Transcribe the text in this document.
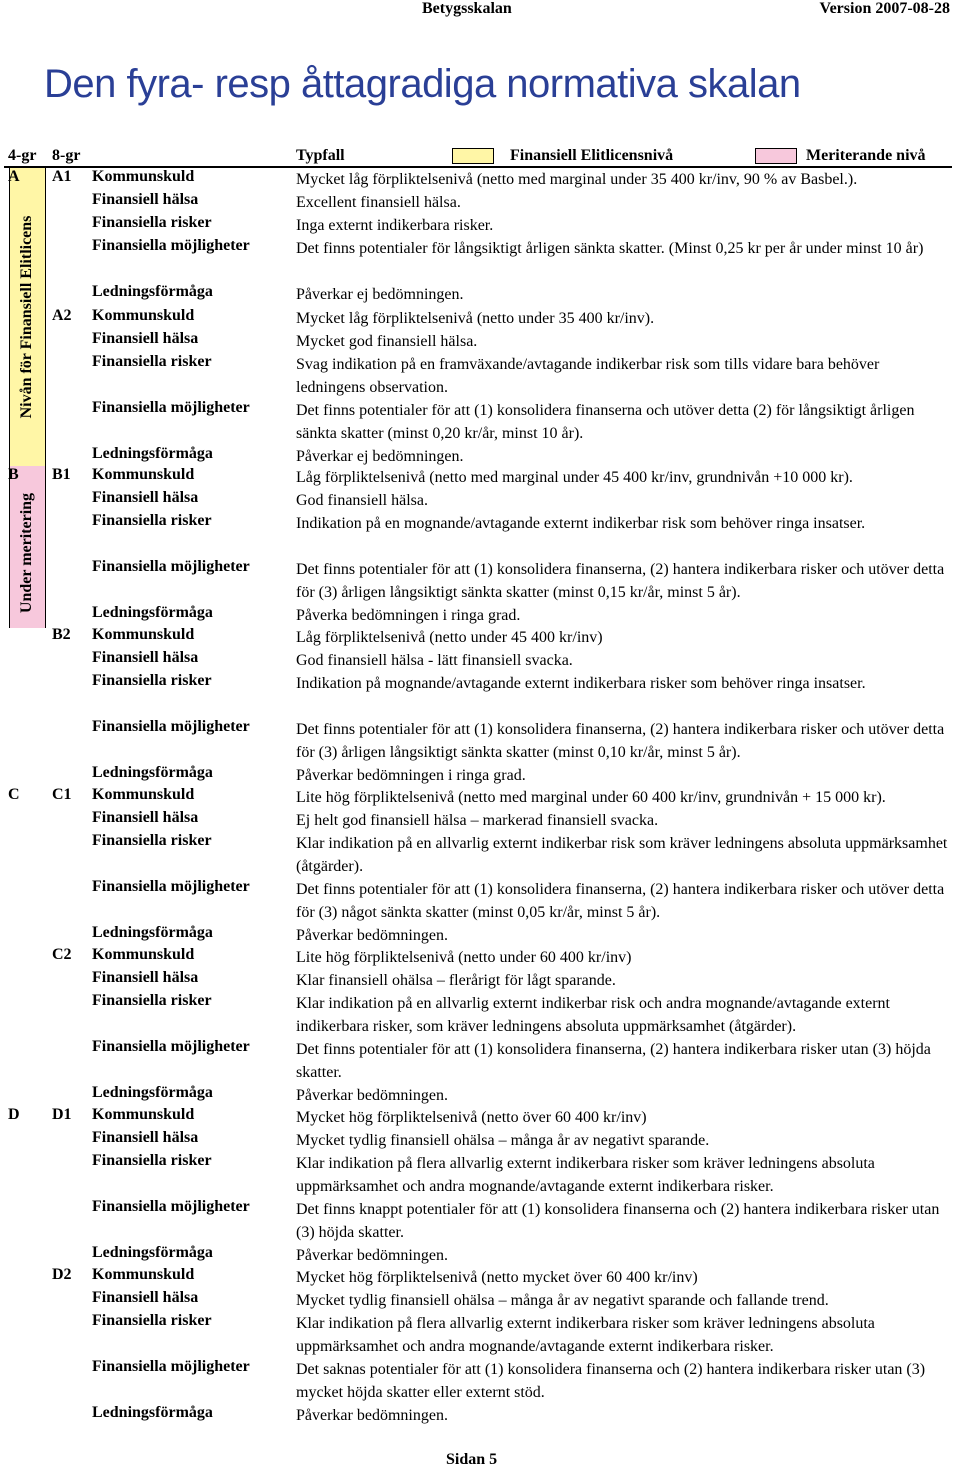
Betygsskalan	Version 2007-08-28
Den fyra- resp åttagradiga normativa skalan
4-gr 8-gr	Typfall	Finansiell Elitlicensnivå	Meriterande nivå
Nivån för Finansiell Elitlicens
Under meritering
A
B
C
D
A1 Kommunskuld	Mycket låg förpliktelsenivå (netto med marginal under 35 400 kr/inv, 90 % av Basbel.).
Finansiell hälsa	Excellent finansiell hälsa.
Finansiella risker	Inga externt indikerbara risker.
Finansiella möjligheter	Det finns potentialer för långsiktigt årligen sänkta skatter. (Minst 0,25 kr per år under minst 10 år)
Ledningsförmåga	Påverkar ej bedömningen.
A2 Kommunskuld	Mycket låg förpliktelsenivå (netto under 35 400 kr/inv).
Finansiell hälsa	Mycket god finansiell hälsa.
Finansiella risker	Svag indikation på en framväxande/avtagande indikerbar risk som tills vidare bara behöver ledningens observation.
Finansiella möjligheter	Det finns potentialer för att (1) konsolidera finanserna och utöver detta (2) för långsiktigt årligen sänkta skatter (minst 0,20 kr/år, minst 10 år).
Ledningsförmåga	Påverkar ej bedömningen.
B1 Kommunskuld	Låg förpliktelsenivå (netto med marginal under 45 400 kr/inv, grundnivån +10 000 kr).
Finansiell hälsa	God finansiell hälsa.
Finansiella risker	Indikation på en mognande/avtagande externt indikerbar risk som behöver ringa insatser.
Finansiella möjligheter	Det finns potentialer för att (1) konsolidera finanserna, (2) hantera indikerbara risker och utöver detta för (3) årligen långsiktigt sänkta skatter (minst 0,15 kr/år, minst 5 år).
Ledningsförmåga	Påverka bedömningen i ringa grad.
B2 Kommunskuld	Låg förpliktelsenivå (netto under 45 400 kr/inv)
Finansiell hälsa	God finansiell hälsa - lätt finansiell svacka.
Finansiella risker	Indikation på mognande/avtagande externt indikerbara risker som behöver ringa insatser.
Finansiella möjligheter	Det finns potentialer för att (1) konsolidera finanserna, (2) hantera indikerbara risker och utöver detta för (3) årligen långsiktigt sänkta skatter (minst 0,10 kr/år, minst 5 år).
Ledningsförmåga	Påverkar bedömningen i ringa grad.
C1 Kommunskuld	Lite hög förpliktelsenivå (netto med marginal under 60 400 kr/inv, grundnivån + 15 000 kr).
Finansiell hälsa	Ej helt god finansiell hälsa – markerad finansiell svacka.
Finansiella risker	Klar indikation på en allvarlig externt indikerbar risk som kräver ledningens absoluta uppmärksamhet (åtgärder).
Finansiella möjligheter	Det finns potentialer för att (1) konsolidera finanserna, (2) hantera indikerbara risker och utöver detta för (3) något sänkta skatter (minst 0,05 kr/år, minst 5 år).
Ledningsförmåga	Påverkar bedömningen.
C2 Kommunskuld	Lite hög förpliktelsenivå (netto under 60 400 kr/inv)
Finansiell hälsa	Klar finansiell ohälsa – flerårigt för lågt sparande.
Finansiella risker	Klar indikation på en allvarlig externt indikerbar risk och andra mognande/avtagande externt indikerbara risker, som kräver ledningens absoluta uppmärksamhet (åtgärder).
Finansiella möjligheter	Det finns potentialer för att (1) konsolidera finanserna, (2) hantera indikerbara risker utan (3) höjda skatter.
Ledningsförmåga	Påverkar bedömningen.
D1 Kommunskuld	Mycket hög förpliktelsenivå (netto över 60 400 kr/inv)
Finansiell hälsa	Mycket tydlig finansiell ohälsa – många år av negativt sparande.
Finansiella risker	Klar indikation på flera allvarlig externt indikerbara risker som kräver ledningens absoluta uppmärksamhet och andra mognande/avtagande externt indikerbara risker.
Finansiella möjligheter	Det finns knappt potentialer för att (1) konsolidera finanserna och (2) hantera indikerbara risker utan (3) höjda skatter.
Ledningsförmåga	Påverkar bedömningen.
D2 Kommunskuld	Mycket hög förpliktelsenivå (netto mycket över 60 400 kr/inv)
Finansiell hälsa	Mycket tydlig finansiell ohälsa – många år av negativt sparande och fallande trend.
Finansiella risker	Klar indikation på flera allvarlig externt indikerbara risker som kräver ledningens absoluta uppmärksamhet och andra mognande/avtagande externt indikerbara risker.
Finansiella möjligheter	Det saknas potentialer för att (1) konsolidera finanserna och (2) hantera indikerbara risker utan (3) mycket höjda skatter eller externt stöd.
Ledningsförmåga	Påverkar bedömningen.
Sidan 5
